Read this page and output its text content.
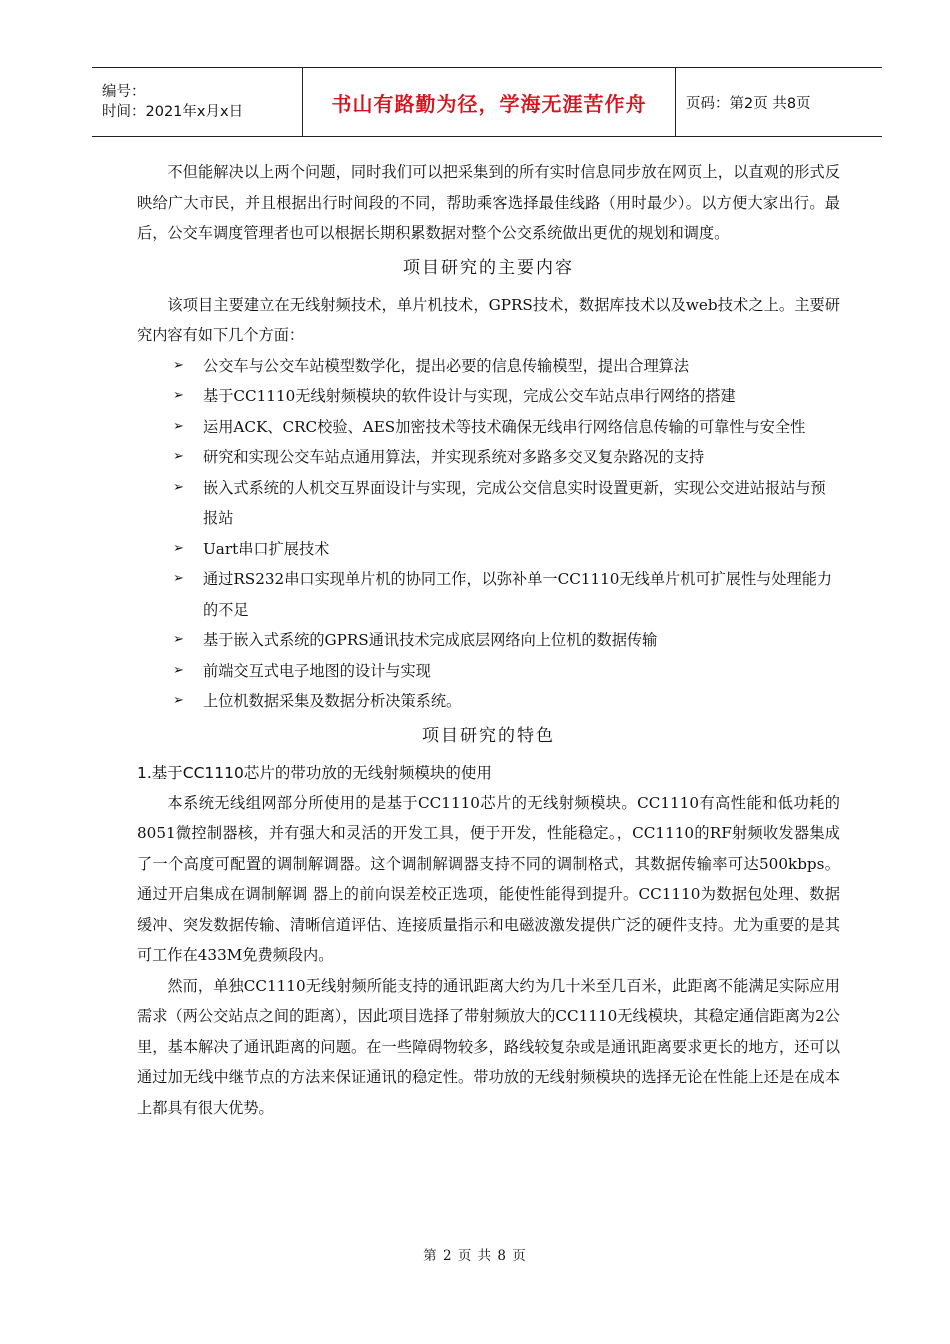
编号：
时间：2021年x月x日	书山有路勤为径，学海无涯苦作舟	页码：第2页 共8页

不但能解决以上两个问题，同时我们可以把采集到的所有实时信息同步放在网页上，以直观的形式反映给广大市民，并且根据出行时间段的不同，帮助乘客选择最佳线路（用时最少）。以方便大家出行。最后，公交车调度管理者也可以根据长期积累数据对整个公交系统做出更优的规划和调度。

项目研究的主要内容

该项目主要建立在无线射频技术，单片机技术，GPRS技术，数据库技术以及web技术之上。主要研究内容有如下几个方面：

➢ 公交车与公交车站模型数学化，提出必要的信息传输模型，提出合理算法
➢ 基于CC1110无线射频模块的软件设计与实现，完成公交车站点串行网络的搭建
➢ 运用ACK、CRC校验、AES加密技术等技术确保无线串行网络信息传输的可靠性与安全性
➢ 研究和实现公交车站点通用算法，并实现系统对多路多交叉复杂路况的支持
➢ 嵌入式系统的人机交互界面设计与实现，完成公交信息实时设置更新，实现公交进站报站与预报站
➢ Uart串口扩展技术
➢ 通过RS232串口实现单片机的协同工作，以弥补单一CC1110无线单片机可扩展性与处理能力的不足
➢ 基于嵌入式系统的GPRS通讯技术完成底层网络向上位机的数据传输
➢ 前端交互式电子地图的设计与实现
➢ 上位机数据采集及数据分析决策系统。
项目研究的特色
1.基于CC1110芯片的带功放的无线射频模块的使用

本系统无线组网部分所使用的是基于CC1110芯片的无线射频模块。CC1110有高性能和低功耗的8051微控制器核，并有强大和灵活的开发工具，便于开发，性能稳定。，CC1110的RF射频收发器集成了一个高度可配置的调制解调器。这个调制解调器支持不同的调制格式，其数据传输率可达500kbps。通过开启集成在调制解调 器上的前向误差校正选项，能使性能得到提升。CC1110为数据包处理、数据缓冲、突发数据传输、清晰信道评估、连接质量指示和电磁波激发提供广泛的硬件支持。尤为重要的是其可工作在433M免费频段内。

然而，单独CC1110无线射频所能支持的通讯距离大约为几十米至几百米，此距离不能满足实际应用需求（两公交站点之间的距离），因此项目选择了带射频放大的CC1110无线模块，其稳定通信距离为2公里，基本解决了通讯距离的问题。在一些障碍物较多，路线较复杂或是通讯距离要求更长的地方，还可以通过加无线中继节点的方法来保证通讯的稳定性。带功放的无线射频模块的选择无论在性能上还是在成本上都具有很大优势。

第 2 页 共 8 页
